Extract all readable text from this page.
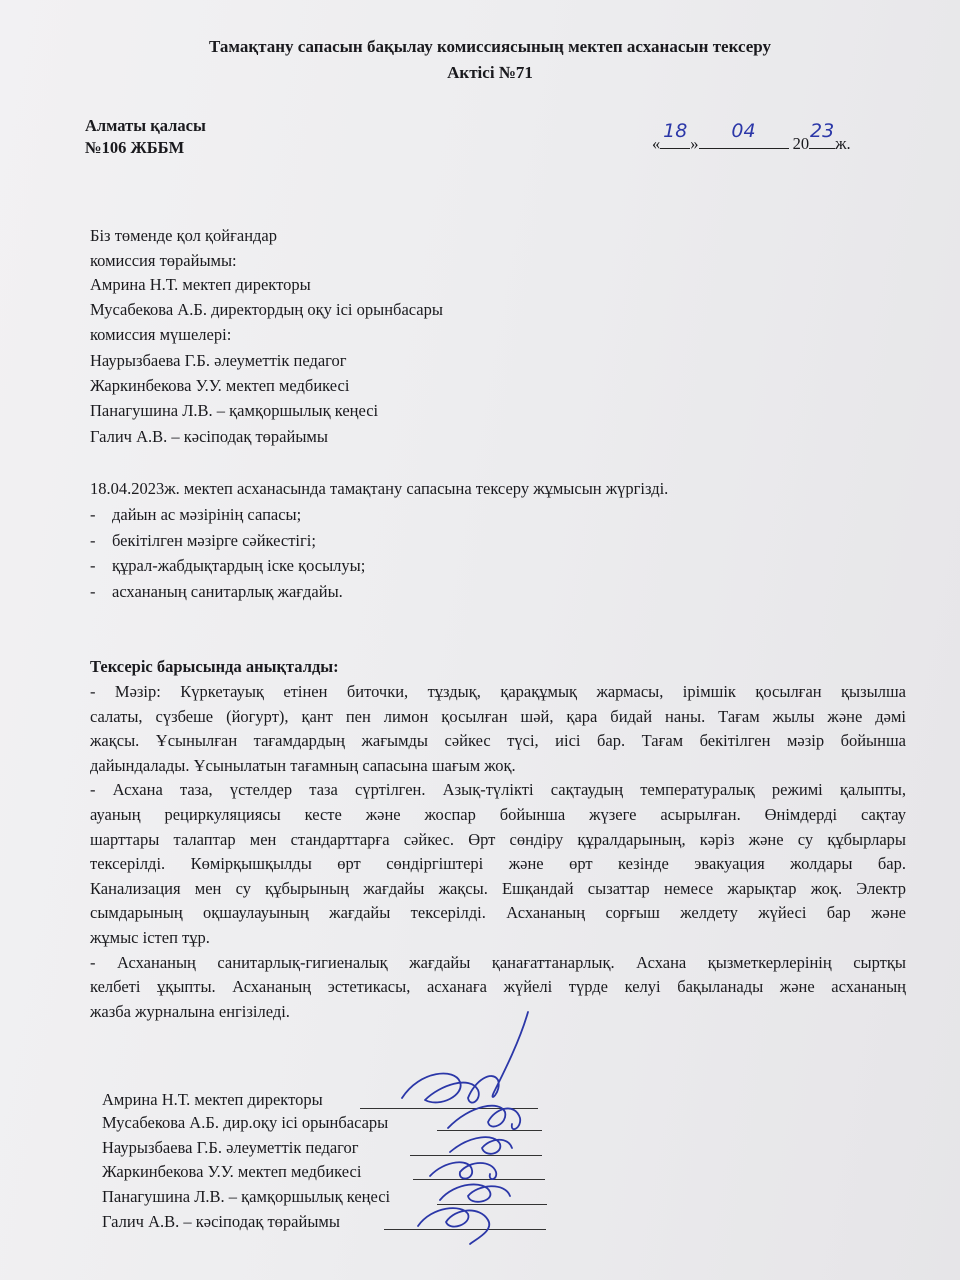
Тамақтану сапасын бақылау комиссиясының мектеп асханасын тексеру
Актісі №71
Алматы қаласы
№106 ЖББМ	«
18
»
04
20
23
ж.
Біз төменде қол қойғандар
комиссия төрайымы:
Амрина Н.Т. мектеп директоры
Мусабекова А.Б. директордың оқу ісі орынбасары
комиссия мүшелері:
Наурызбаева Г.Б. әлеуметтік педагог
Жаркинбекова У.У. мектеп медбикесі
Панагушина Л.В. – қамқоршылық кеңесі
Галич А.В. – кәсіподақ төрайымы
18.04.2023ж. мектеп асханасында тамақтану сапасына тексеру жұмысын жүргізді.
- дайын ас мәзірінің сапасы;
- бекітілген мәзірге сәйкестігі;
- құрал-жабдықтардың іске қосылуы;
- асхананың санитарлық жағдайы.
Тексеріс барысында анықталды:

- Мәзір: Күркетауық етінен биточки, тұздық, қарақұмық жармасы, ірімшік қосылған қызылша

салаты, сүзбеше (йогурт), қант пен лимон қосылған шәй, қара бидай наны. Тағам жылы және дәмі

жақсы. Ұсынылған тағамдардың жағымды сәйкес түсі, иісі бар. Тағам бекітілген мәзір бойынша

дайындалады. Ұсынылатын тағамның сапасына шағым жоқ.

- Асхана таза, үстелдер таза сүртілген. Азық-түлікті сақтаудың температуралық режимі қалыпты,

ауаның рециркуляциясы кесте және жоспар бойынша жүзеге асырылған. Өнімдерді сақтау

шарттары талаптар мен стандарттарға сәйкес. Өрт сөндіру құралдарының, кәріз және су құбырлары

тексерілді. Көмірқышқылды өрт сөндіргіштері және өрт кезінде эвакуация жолдары бар.

Канализация мен су құбырының жағдайы жақсы. Ешқандай сызаттар немесе жарықтар жоқ. Электр

сымдарының оқшаулауының жағдайы тексерілді. Асхананың сорғыш желдету жүйесі бар және

жұмыс істеп тұр.

- Асхананың санитарлық-гигиеналық жағдайы қанағаттанарлық. Асхана қызметкерлерінің сыртқы

келбеті ұқыпты. Асхананың эстетикасы, асханаға жүйелі түрде келуі бақыланады және асхананың

жазба журналына енгізіледі.

Амрина Н.Т. мектеп директоры
Мусабекова А.Б. дир.оқу ісі орынбасары
Наурызбаева Г.Б. әлеуметтік педагог
Жаркинбекова У.У. мектеп медбикесі
Панагушина Л.В. – қамқоршылық кеңесі
Галич А.В. – кәсіподақ төрайымы
